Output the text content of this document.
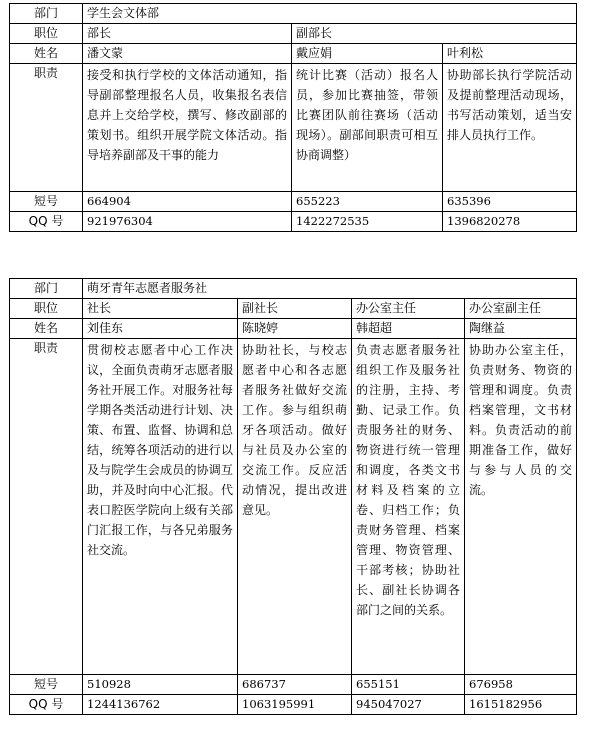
部门	学生会文体部		
职位	部长	副部长	
姓名	潘文蒙	戴应娟	叶利松
职责	接受和执行学校的文体活动通知，指导副部整理报名人员，收集报名表信息并上交给学校，撰写、修改副部的策划书。组织开展学院文体活动。指导培养副部及干事的能力	统计比赛（活动）报名人员，参加比赛抽签，带领比赛团队前往赛场（活动现场）。副部间职责可相互协商调整）	协助部长执行学院活动及提前整理活动现场，书写活动策划，适当安排人员执行工作。
短号	664904	655223	635396
QQ 号	921976304	1422272535	1396820278
部门	萌牙青年志愿者服务社			
职位	社长	副社长	办公室主任	办公室副主任
姓名	刘佳东	陈晓婷	韩超超	陶继益
职责	贯彻校志愿者中心工作决议，全面负责萌牙志愿者服务社开展工作。对服务社每学期各类活动进行计划、决策、布置、监督、协调和总结，统筹各项活动的进行以及与院学生会成员的协调互助，并及时向中心汇报。代表口腔医学院向上级有关部门汇报工作，与各兄弟服务社交流。	协助社长，与校志愿者中心和各志愿者服务社做好交流工作。参与组织萌牙各项活动。做好与社员及办公室的交流工作。反应活动情况，提出改进意见。	负责志愿者服务社组织工作及服务社的注册，主持、考勤、记录工作。负责服务社的财务、物资进行统一管理和调度，各类文书材料及档案的立卷、归档工作；负责财务管理、档案管理、物资管理、干部考核；协助社长、副社长协调各部门之间的关系。	协助办公室主任，负责财务、物资的管理和调度。负责档案管理，文书材料。负责活动的前期准备工作，做好与参与人员的交流。
短号	510928	686737	655151	676958
QQ 号	1244136762	1063195991	945047027	1615182956
